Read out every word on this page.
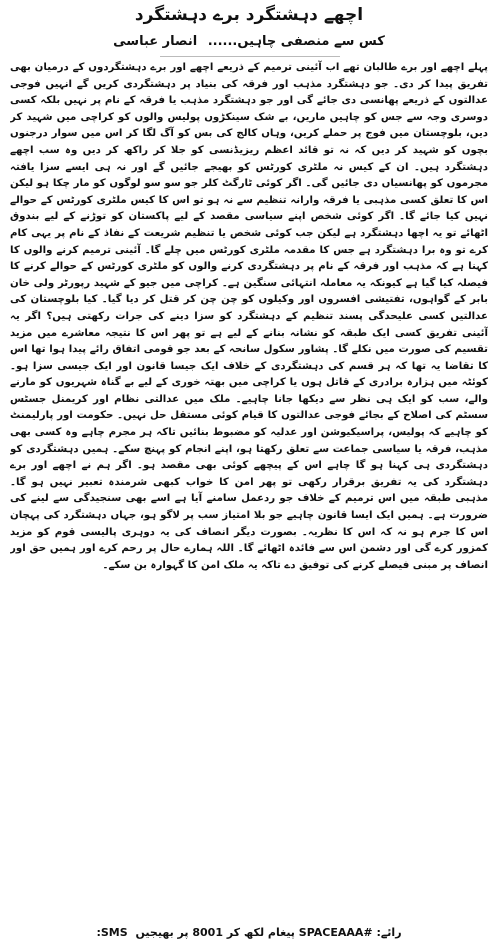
اچھے دہشتگرد برے دہشتگرد
کس سے منصفی چاہیں...... انصار عباسی

پہلے اچھے اور برے طالبان تھے اب آئینی ترمیم کے ذریعے اچھے اور برے دہشتگردوں کے درمیان بھی تفریق پیدا کر دی۔ جو دہشتگرد مذہب اور فرقہ کی بنیاد پر دہشتگردی کریں گے انہیں فوجی عدالتوں کے ذریعے پھانسی دی جائے گی اور جو دہشتگرد مذہب یا فرقہ کے نام پر نہیں بلکہ کسی دوسری وجہ سے جس کو چاہیں ماریں، بے شک سینکڑوں پولیس والوں کو کراچی میں شہید کر دیں، بلوچستان میں فوج پر حملے کریں، وہاں کالج کی بس کو آگ لگا کر اس میں سوار درجنوں بچوں کو شہید کر دیں کہ نہ تو قائد اعظم ریزیڈنسی کو جلا کر راکھ کر دیں وہ سب اچھے دہشتگرد ہیں۔ ان کے کیس نہ ملٹری کورٹس کو بھیجے جائیں گے اور نہ ہی ایسے سزا یافتہ مجرموں کو پھانسیاں دی جائیں گی۔ اگر کوئی ٹارگٹ کلر جو سو سو لوگوں کو مار چکا ہو لیکن اس کا تعلق کسی مذہبی یا فرقہ وارانہ تنظیم سے نہ ہو تو اس کا کیس ملٹری کورٹس کے حوالے نہیں کیا جائے گا۔ اگر کوئی شخص اپنے سیاسی مقصد کے لیے پاکستان کو توڑنے کے لیے بندوق اٹھائے تو یہ اچھا دہشتگرد ہے لیکن جب کوئی شخص یا تنظیم شریعت کے نفاذ کے نام پر یہی کام کرے تو وہ برا دہشتگرد ہے جس کا مقدمہ ملٹری کورٹس میں چلے گا۔ آئینی ترمیم کرنے والوں کا کہنا ہے کہ مذہب اور فرقہ کے نام پر دہشتگردی کرنے والوں کو ملٹری کورٹس کے حوالے کرنے کا فیصلہ کیا گیا ہے کیونکہ یہ معاملہ انتہائی سنگین ہے۔ کراچی میں جیو کے شہید رپورٹر ولی خان بابر کے گواہوں، تفتیشی افسروں اور وکیلوں کو چن چن کر قتل کر دیا گیا۔ کیا بلوچستان کی عدالتیں کسی علیحدگی پسند تنظیم کے دہشتگرد کو سزا دینے کی جرات رکھتی ہیں؟ اگر یہ آئینی تفریق کسی ایک طبقہ کو نشانہ بنانے کے لیے ہے تو پھر اس کا نتیجہ معاشرے میں مزید تقسیم کی صورت میں نکلے گا۔ پشاور سکول سانحہ کے بعد جو قومی اتفاق رائے پیدا ہوا تھا اس کا تقاضا یہ تھا کہ ہر قسم کی دہشتگردی کے خلاف ایک جیسا قانون اور ایک جیسی سزا ہو۔ کوئٹہ میں ہزارہ برادری کے قاتل ہوں یا کراچی میں بھتہ خوری کے لیے بے گناہ شہریوں کو مارنے والے، سب کو ایک ہی نظر سے دیکھا جانا چاہیے۔ ملک میں عدالتی نظام اور کریمنل جسٹس سسٹم کی اصلاح کے بجائے فوجی عدالتوں کا قیام کوئی مستقل حل نہیں۔ حکومت اور پارلیمنٹ کو چاہیے کہ پولیس، پراسیکیوشن اور عدلیہ کو مضبوط بنائیں تاکہ ہر مجرم چاہے وہ کسی بھی مذہب، فرقہ یا سیاسی جماعت سے تعلق رکھتا ہو، اپنے انجام کو پہنچ سکے۔ ہمیں دہشتگردی کو دہشتگردی ہی کہنا ہو گا چاہے اس کے پیچھے کوئی بھی مقصد ہو۔ اگر ہم نے اچھے اور برے دہشتگرد کی یہ تفریق برقرار رکھی تو پھر امن کا خواب کبھی شرمندہ تعبیر نہیں ہو گا۔ مذہبی طبقہ میں اس ترمیم کے خلاف جو ردعمل سامنے آیا ہے اسے بھی سنجیدگی سے لینے کی ضرورت ہے۔ ہمیں ایک ایسا قانون چاہیے جو بلا امتیاز سب پر لاگو ہو، جہاں دہشتگرد کی پہچان اس کا جرم ہو نہ کہ اس کا نظریہ۔ بصورت دیگر انصاف کی یہ دوہری پالیسی قوم کو مزید کمزور کرے گی اور دشمن اس سے فائدہ اٹھائے گا۔ اللہ ہمارے حال پر رحم کرے اور ہمیں حق اور انصاف پر مبنی فیصلے کرنے کی توفیق دے تاکہ یہ ملک امن کا گہوارہ بن سکے۔

رائے: #SPACEAAA پیغام لکھ کر 8001 پر بھیجیں SMS:
